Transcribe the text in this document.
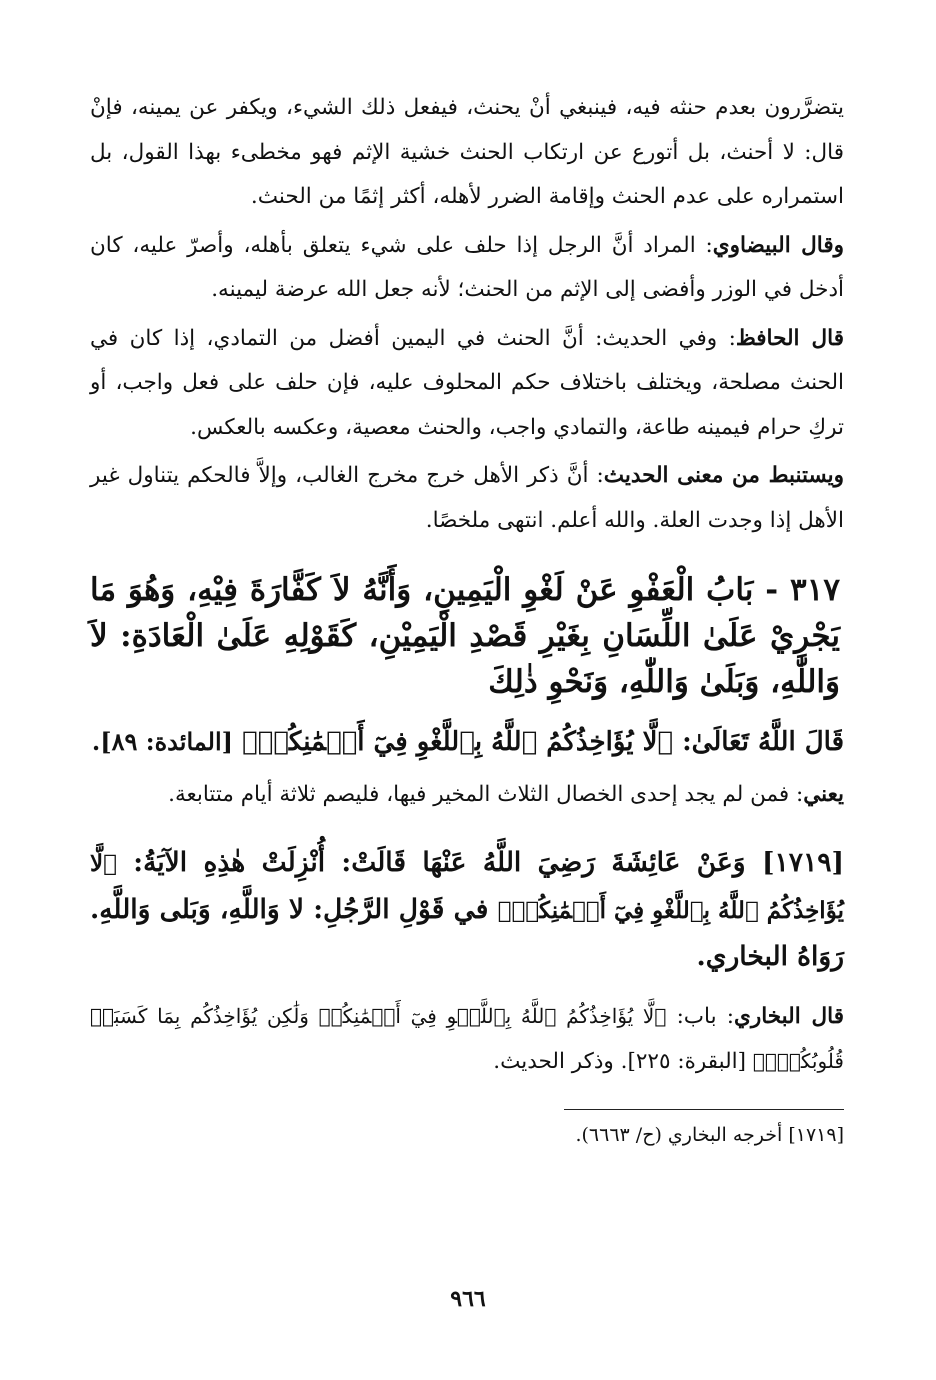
يتضرَّرون بعدم حنثه فيه، فينبغي أنْ يحنث، فيفعل ذلك الشيء، ويكفر عن يمينه، فإنْ قال: لا أحنث، بل أتورع عن ارتكاب الحنث خشية الإثم فهو مخطىء بهذا القول، بل استمراره على عدم الحنث وإقامة الضرر لأهله، أكثر إثمًا من الحنث.

وقال البيضاوي: المراد أنَّ الرجل إذا حلف على شيء يتعلق بأهله، وأصرّ عليه، كان أدخل في الوزر وأفضى إلى الإثم من الحنث؛ لأنه جعل الله عرضة ليمينه.

قال الحافظ: وفي الحديث: أنَّ الحنث في اليمين أفضل من التمادي، إذا كان في الحنث مصلحة، ويختلف باختلاف حكم المحلوف عليه، فإن حلف على فعل واجب، أو تركِ حرام فيمينه طاعة، والتمادي واجب، والحنث معصية، وعكسه بالعكس.

ويستنبط من معنى الحديث: أنَّ ذكر الأهل خرج مخرج الغالب، وإلاَّ فالحكم يتناول غير الأهل إذا وجدت العلة. والله أعلم. انتهى ملخصًا.

٣١٧ - بَابُ الْعَفْوِ عَنْ لَغْوِ الْيَمِينِ، وَأَنَّهُ لاَ كَفَّارَةَ فِيْهِ، وَهُوَ مَا يَجْرِيْ عَلَىٰ اللِّسَانِ بِغَيْرِ قَصْدِ الْيَمِيْنِ، كَقَوْلِهِ عَلَىٰ الْعَادَةِ: لاَ وَاللّٰهِ، وَبَلَىٰ وَاللّٰهِ، وَنَحْوِ ذٰلِكَ

قَالَ اللَّهُ تَعَالَىٰ: ﴿لَّا يُؤَاخِذُكُمُ ٱللَّهُ بِٱللَّغْوِ فِيٓ أَيۡمَٰنِكُمۡ﴾ [المائدة: ٨٩].

يعني: فمن لم يجد إحدى الخصال الثلاث المخير فيها، فليصم ثلاثة أيام متتابعة.

[١٧١٩] وَعَنْ عَائِشَةَ رَضِيَ اللَّهُ عَنْهَا قَالَتْ: أُنْزِلَتْ هٰذِهِ الآيَةُ: ﴿لَّا يُؤَاخِذُكُمُ ٱللَّهُ بِٱللَّغْوِ فِيٓ أَيۡمَٰنِكُمۡ﴾ في قَوْلِ الرَّجُلِ: لا وَاللَّهِ، وَبَلى وَاللَّهِ. رَوَاهُ البخاري.

قال البخاري: باب: ﴿لَّا يُؤَاخِذُكُمُ ٱللَّهُ بِٱللَّغۡوِ فِيٓ أَيۡمَٰنِكُمۡ وَلَٰكِن يُؤَاخِذُكُم بِمَا كَسَبَتۡ قُلُوبُكُمۡۗ﴾ [البقرة: ٢٢٥]. وذكر الحديث.

[١٧١٩] أخرجه البخاري (ح/ ٦٦٦٣).

٩٦٦
